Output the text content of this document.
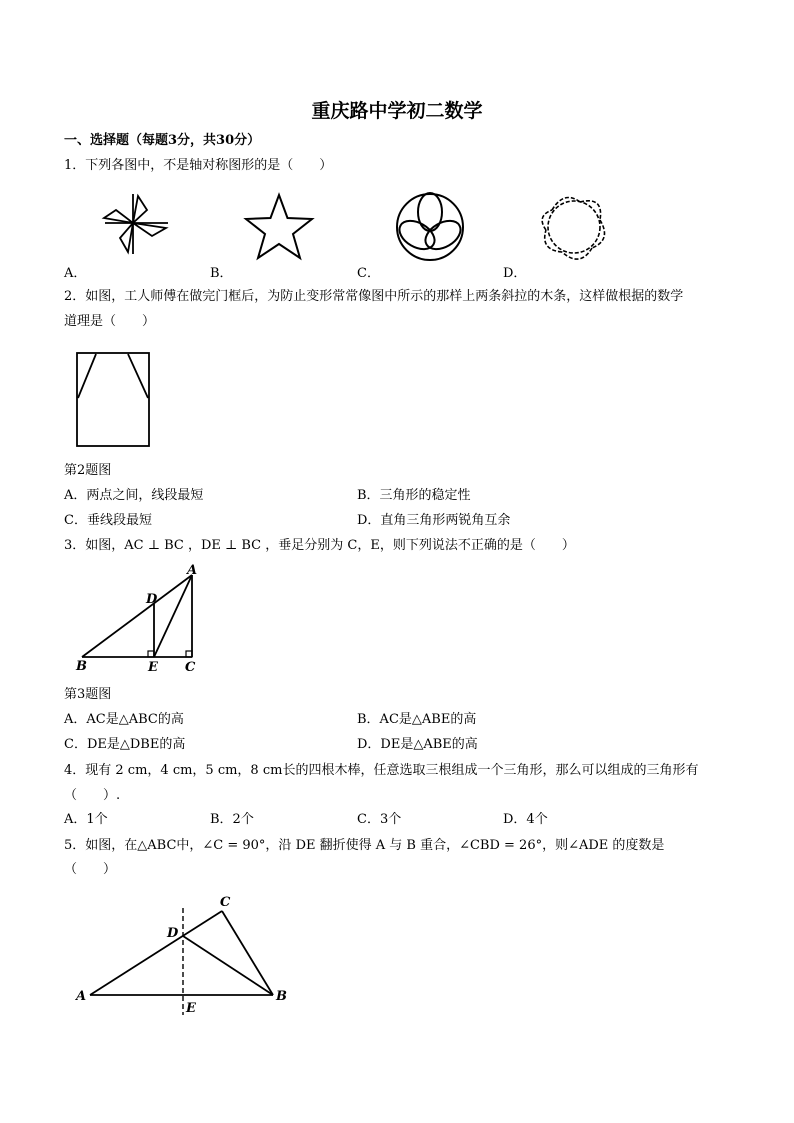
重庆路中学初二数学
一、选择题（每题3分，共30分）
1．下列各图中，不是轴对称图形的是（　　）
A．	B．	C．	D．
2．如图，工人师傅在做完门框后，为防止变形常常像图中所示的那样上两条斜拉的木条，这样做根据的数学
道理是（　　）
第2题图
A．两点之间，线段最短	B．三角形的稳定性
C．垂线段最短	D．直角三角形两锐角互余
3．如图，AC ⊥ BC ，DE ⊥ BC ，垂足分别为 C，E，则下列说法不正确的是（　　）
A
D
B	E C
第3题图
A．AC是△ABC的高	B．AC是△ABE的高
C．DE是△DBE的高	D．DE是△ABE的高
4．现有 2 cm，4 cm，5 cm，8 cm长的四根木棒，任意选取三根组成一个三角形，那么可以组成的三角形有
（　　）.
A．1个	B．2个	C．3个	D．4个
5．如图，在△ABC中，∠C = 90°，沿 DE 翻折使得 A 与 B 重合，∠CBD = 26°，则∠ADE 的度数是
（　　）
A
D
C
B
E
